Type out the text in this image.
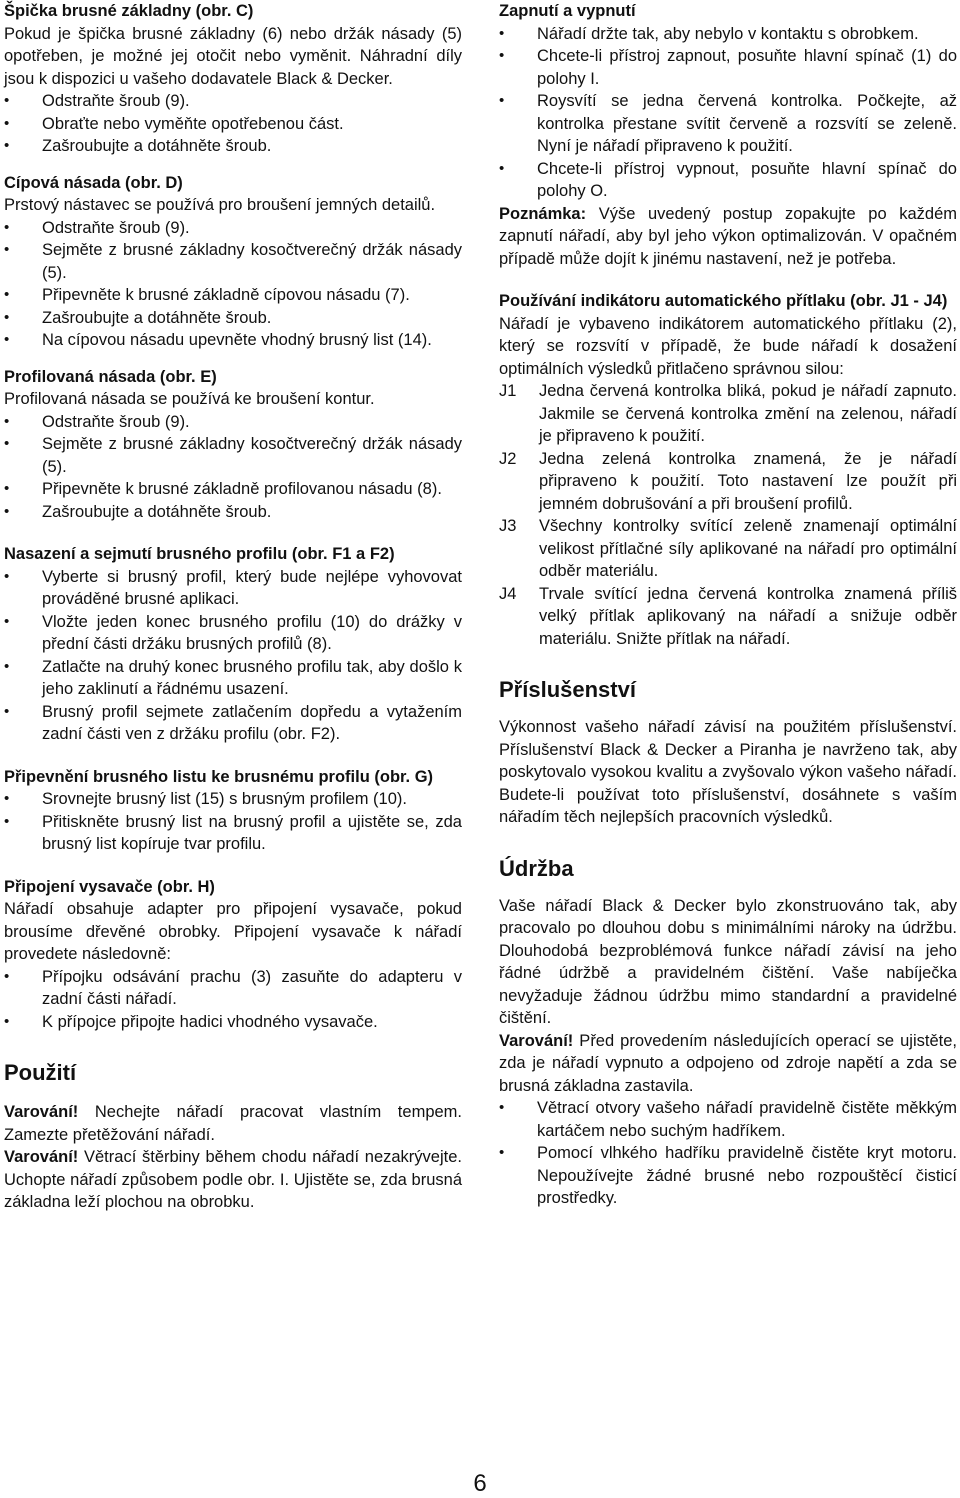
Špička brusné základny (obr. C)

Pokud je špička brusné základny (6) nebo držák násady (5) opotřeben, je možné jej otočit nebo vyměnit. Náhradní díly jsou k dispozici u vašeho dodavatele Black & Decker.

• Odstraňte šroub (9).
• Obraťte nebo vyměňte opotřebenou část.
• Zašroubujte a dotáhněte šroub.

Cípová násada (obr. D)

Prstový nástavec se používá pro broušení jemných detailů.

• Odstraňte šroub (9).
• Sejměte z brusné základny kosočtverečný držák násady (5).
• Připevněte k brusné základně cípovou násadu (7).
• Zašroubujte a dotáhněte šroub.
• Na cípovou násadu upevněte vhodný brusný list (14).

Profilovaná násada (obr. E)

Profilovaná násada se používá ke broušení kontur.

• Odstraňte šroub (9).
• Sejměte z brusné základny kosočtverečný držák násady (5).
• Připevněte k brusné základně profilovanou násadu (8).
• Zašroubujte a dotáhněte šroub.

Nasazení a sejmutí brusného profilu (obr. F1 a F2)

• Vyberte si brusný profil, který bude nejlépe vyhovovat prováděné brusné aplikaci.
• Vložte jeden konec brusného profilu (10) do drážky v přední části držáku brusných profilů (8).
• Zatlačte na druhý konec brusného profilu tak, aby došlo k jeho zaklinutí a řádnému usazení.
• Brusný profil sejmete zatlačením dopředu a vytažením zadní části ven z držáku profilu (obr. F2).

Připevnění brusného listu ke brusnému profilu (obr. G)

• Srovnejte brusný list (15) s brusným profilem (10).
• Přitiskněte brusný list na brusný profil a ujistěte se, zda brusný list kopíruje tvar profilu.

Připojení vysavače (obr. H)

Nářadí obsahuje adapter pro připojení vysavače, pokud brousíme dřevěné obrobky. Připojení vysavače k nářadí provedete následovně:

• Přípojku odsávání prachu (3) zasuňte do adapteru v zadní části nářadí.
• K přípojce připojte hadici vhodného vysavače.

Použití

Varování! Nechejte nářadí pracovat vlastním tempem. Zamezte přetěžování nářadí.

Varování! Větrací štěrbiny během chodu nářadí nezakrývejte. Uchopte nářadí způsobem podle obr. I. Ujistěte se, zda brusná základna leží plochou na obrobku.

Zapnutí a vypnutí

• Nářadí držte tak, aby nebylo v kontaktu s obrobkem.
• Chcete-li přístroj zapnout, posuňte hlavní spínač (1) do polohy I.
• Roysvítí se jedna červená kontrolka. Počkejte, až kontrolka přestane svítit červeně a rozsvítí se zeleně. Nyní je nářadí připraveno k použití.
• Chcete-li přístroj vypnout, posuňte hlavní spínač do polohy O.

Poznámka: Výše uvedený postup zopakujte po každém zapnutí nářadí, aby byl jeho výkon optimalizován. V opačném případě může dojít k jinému nastavení, než je potřeba.

Používání indikátoru automatického přítlaku (obr. J1 - J4)

Nářadí je vybaveno indikátorem automatického přítlaku (2), který se rozsvítí v případě, že bude nářadí k dosažení optimálních výsledků přitlačeno správnou silou:

J1 Jedna červená kontrolka bliká, pokud je nářadí zapnuto. Jakmile se červená kontrolka změní na zelenou, nářadí je připraveno k použití.
J2 Jedna zelená kontrolka znamená, že je nářadí připraveno k použití. Toto nastavení lze použít při jemném dobrušování a při broušení profilů.
J3 Všechny kontrolky svítící zeleně znamenají optimální velikost přítlačné síly aplikované na nářadí pro optimální odběr materiálu.
J4 Trvale svítící jedna červená kontrolka znamená příliš velký přítlak aplikovaný na nářadí a snižuje odběr materiálu. Snižte přítlak na nářadí.

Příslušenství

Výkonnost vašeho nářadí závisí na použitém příslušenství. Příslušenství Black & Decker a Piranha je navrženo tak, aby poskytovalo vysokou kvalitu a zvyšovalo výkon vašeho nářadí. Budete-li používat toto příslušenství, dosáhnete s vaším nářadím těch nejlepších pracovních výsledků.

Údržba

Vaše nářadí Black & Decker bylo zkonstruováno tak, aby pracovalo po dlouhou dobu s minimálními nároky na údržbu. Dlouhodobá bezproblémová funkce nářadí závisí na jeho řádné údržbě a pravidelném čištění. Vaše nabíječka nevyžaduje žádnou údržbu mimo standardní a pravidelné čištění.

Varování! Před provedením následujících operací se ujistěte, zda je nářadí vypnuto a odpojeno od zdroje napětí a zda se brusná základna zastavila.

• Větrací otvory vašeho nářadí pravidelně čistěte měkkým kartáčem nebo suchým hadříkem.
• Pomocí vlhkého hadříku pravidelně čistěte kryt motoru. Nepoužívejte žádné brusné nebo rozpouštěcí čisticí prostředky.
6
